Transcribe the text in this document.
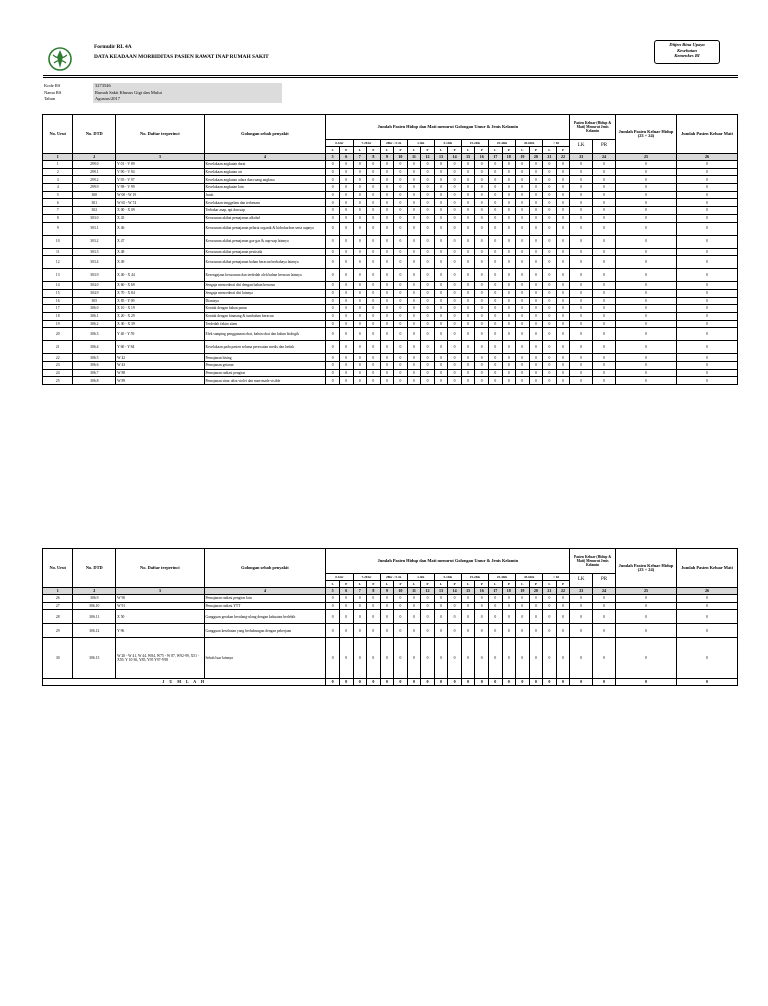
Formulir RL 4A
DATA KEADAAN MORBIDITAS PASIEN RAWAT INAP RUMAH SAKIT
Ditjen Bina Upaya
Kesehatan
Kemenkes RI
Kode RS	3273546
Nama RS	Rumah Sakit Khusus Gigi dan Mulut
Tahun	Agustus/2017
No. Urut	No. DTD	No. Daftar terperinci	Golongan sebab penyakit	Jumlah Pasien Hidup dan Mati menurut Golongan Umur & Jenis Kelamin																		Pasien Keluar (Hidup & Mati) Menurut Jenis Kelamin		Jumlah Pasien Keluar Hidup (23 + 24)	Jumlah Pasien Keluar Mati
				0-6 hr		7-28 hr		28hr -<1 th		1-4th		5-14th		15-24th		25-44th		45-64th		> 65		LK	PR		
				L	P	L	P	L	P	L	P	L	P	L	P	L	P	L	P	L	P				

1	2	3	4	5	6	7	8	9	10	11	12	13	14	15	16	17	18	19	20	21	22	23	24	25	26
1	299.0	V 01 - V 09	Kecelakaan angkutan darat	0	0	0	0	0	0	0	0	0	0	0	0	0	0	0	0	0	0	0	0	0	0
2	299.1	V 90 - V 94	Kecelakaan angkutan air	0	0	0	0	0	0	0	0	0	0	0	0	0	0	0	0	0	0	0	0	0	0
3	299.2	V 95 - V 97	Kecelakaan angkutan udara dan ruang angkasa	0	0	0	0	0	0	0	0	0	0	0	0	0	0	0	0	0	0	0	0	0	0
4	299.9	V 98 - V 99	Kecelakaan angkutan lain	0	0	0	0	0	0	0	0	0	0	0	0	0	0	0	0	0	0	0	0	0	0
5	300	W 00 - W 19	Jatuh	0	0	0	0	0	0	0	0	0	0	0	0	0	0	0	0	0	0	0	0	0	0
6	301	W 65 - W 74	Kecelakaan tenggelam dan terbenam	0	0	0	0	0	0	0	0	0	0	0	0	0	0	0	0	0	0	0	0	0	0
7	302	X 00 - X 09	Terbakar asap, api dan uap	0	0	0	0	0	0	0	0	0	0	0	0	0	0	0	0	0	0	0	0	0	0
8	303.0	X 45	Keracunan akibat pemajanan alkohol	0	0	0	0	0	0	0	0	0	0	0	0	0	0	0	0	0	0	0	0	0	0
9	303.1	X 46	Keracunan akibat pemajanan pelarut organik & hidrokarbon serta uapnya	0	0	0	0	0	0	0	0	0	0	0	0	0	0	0	0	0	0	0	0	0	0
10	303.2	X 47	Keracunan akibat pemajanan gas-gas & uap-uap lainnya	0	0	0	0	0	0	0	0	0	0	0	0	0	0	0	0	0	0	0	0	0	0
11	303.3	X 48	Keracunan akibat pemajanan pestisida	0	0	0	0	0	0	0	0	0	0	0	0	0	0	0	0	0	0	0	0	0	0
12	303.4	X 49	Keracunan akibat pemajanan bahan beracun berbahaya lainnya	0	0	0	0	0	0	0	0	0	0	0	0	0	0	0	0	0	0	0	0	0	0
13	303.9	X 40 - X 44	Kesengajaan keracunan dan terdedah oleh bahan beracun lainnya	0	0	0	0	0	0	0	0	0	0	0	0	0	0	0	0	0	0	0	0	0	0
14	304.0	X 60 - X 69	Sengaja mencederai diri dengan bahan beracun	0	0	0	0	0	0	0	0	0	0	0	0	0	0	0	0	0	0	0	0	0	0
15	304.9	X 70 - X 84	Sengaja mencederai diri lainnya	0	0	0	0	0	0	0	0	0	0	0	0	0	0	0	0	0	0	0	0	0	0
16	305	X 85 - Y 09	Dianiaya	0	0	0	0	0	0	0	0	0	0	0	0	0	0	0	0	0	0	0	0	0	0
17	306.0	X 10 - X 19	Kontak dengan bahan panas	0	0	0	0	0	0	0	0	0	0	0	0	0	0	0	0	0	0	0	0	0	0
18	306.1	X 20 - X 29	Kontak dengan binatang & tumbuhan beracun	0	0	0	0	0	0	0	0	0	0	0	0	0	0	0	0	0	0	0	0	0	0
19	306.2	X 30 - X 39	Terdedah faktor alam	0	0	0	0	0	0	0	0	0	0	0	0	0	0	0	0	0	0	0	0	0	0
20	306.3	Y 40 - Y 59	Efek samping penggunaan obat, bahan obat dan bahan biologik	0	0	0	0	0	0	0	0	0	0	0	0	0	0	0	0	0	0	0	0	0	0
21	306.4	Y 60 - Y 84	Kecelakaan pada pasien selama perawatan medis dan bedah	0	0	0	0	0	0	0	0	0	0	0	0	0	0	0	0	0	0	0	0	0	0
22	306.5	W 42	Pemajanan bising	0	0	0	0	0	0	0	0	0	0	0	0	0	0	0	0	0	0	0	0	0	0
23	306.6	W 43	Pemajanan getaran	0	0	0	0	0	0	0	0	0	0	0	0	0	0	0	0	0	0	0	0	0	0
24	306.7	W 88	Pemajanan radiasi pengion	0	0	0	0	0	0	0	0	0	0	0	0	0	0	0	0	0	0	0	0	0	0
25	306.8	W 89	Pemajanan sinar ultra violet dan man-made visible	0	0	0	0	0	0	0	0	0	0	0	0	0	0	0	0	0	0	0	0	0	0
No. Urut	No. DTD	No. Daftar terperinci	Golongan sebab penyakit	Jumlah Pasien Hidup dan Mati menurut Golongan Umur & Jenis Kelamin																		Pasien Keluar (Hidup & Mati) Menurut Jenis Kelamin		Jumlah Pasien Keluar Hidup (23 + 24)	Jumlah Pasien Keluar Mati
				0-6 hr		7-28 hr		28hr -<1 th		1-4th		5-14th		15-24th		25-44th		45-64th		> 65		LK	PR		
				L	P	L	P	L	P	L	P	L	P	L	P	L	P	L	P	L	P				

1	2	3	4	5	6	7	8	9	10	11	12	13	14	15	16	17	18	19	20	21	22	23	24	25	26
26	306.9	W 90	Pemajanan radiasi pengion lain	0	0	0	0	0	0	0	0	0	0	0	0	0	0	0	0	0	0	0	0	0	0
27	306.10	W 91	Pemajanan radiasi YTT	0	0	0	0	0	0	0	0	0	0	0	0	0	0	0	0	0	0	0	0	0	0
28	306.11	X 50	Gangguan gerakan berulang-ulang dengan kekuatan berlebih	0	0	0	0	0	0	0	0	0	0	0	0	0	0	0	0	0	0	0	0	0	0
29	306.12	Y 96	Gangguan kesehatan yang berhubungan dengan pekerjaan	0	0	0	0	0	0	0	0	0	0	0	0	0	0	0	0	0	0	0	0	0	0
30	306.13	W 20 - W 41, W 44, W84, W75 - W 87, W92-99, X51 - X59, Y 10-36, Y85, Y95 Y97-Y98	Sebab luar lainnya	0	0	0	0	0	0	0	0	0	0	0	0	0	0	0	0	0	0	0	0	0	0
J U M L A H				0	0	0	0	0	0	0	0	0	0	0	0	0	0	0	0	0	0	0	0	0	0
